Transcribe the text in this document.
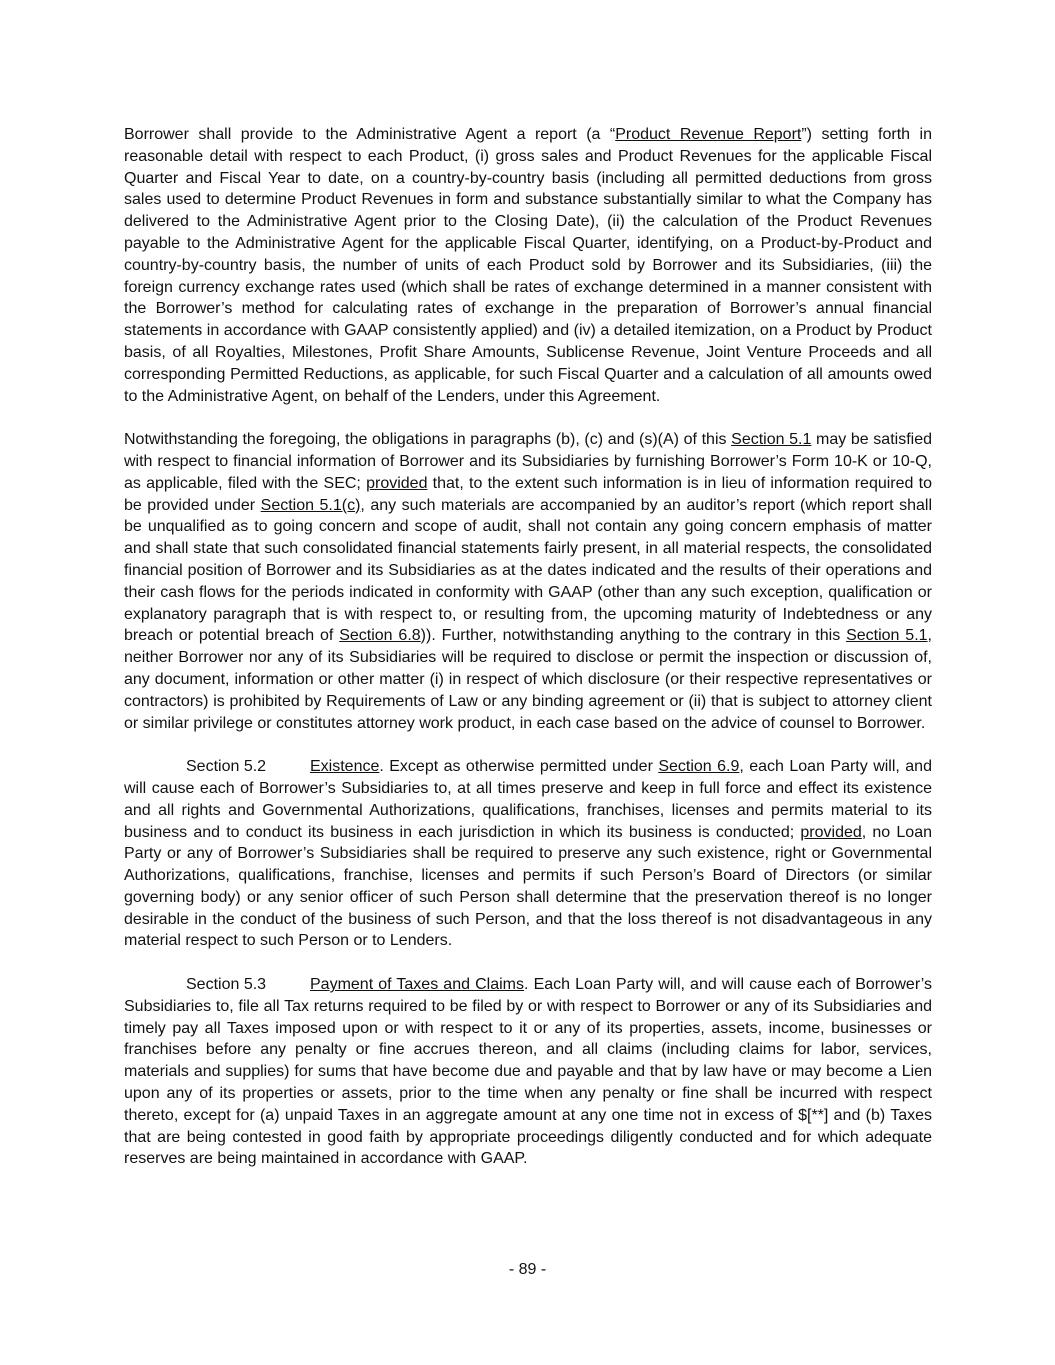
Borrower shall provide to the Administrative Agent a report (a “Product Revenue Report”) setting forth in reasonable detail with respect to each Product, (i) gross sales and Product Revenues for the applicable Fiscal Quarter and Fiscal Year to date, on a country-by-country basis (including all permitted deductions from gross sales used to determine Product Revenues in form and substance substantially similar to what the Company has delivered to the Administrative Agent prior to the Closing Date), (ii) the calculation of the Product Revenues payable to the Administrative Agent for the applicable Fiscal Quarter, identifying, on a Product-by-Product and country-by-country basis, the number of units of each Product sold by Borrower and its Subsidiaries, (iii) the foreign currency exchange rates used (which shall be rates of exchange determined in a manner consistent with the Borrower’s method for calculating rates of exchange in the preparation of Borrower’s annual financial statements in accordance with GAAP consistently applied) and (iv) a detailed itemization, on a Product by Product basis, of all Royalties, Milestones, Profit Share Amounts, Sublicense Revenue, Joint Venture Proceeds and all corresponding Permitted Reductions, as applicable, for such Fiscal Quarter and a calculation of all amounts owed to the Administrative Agent, on behalf of the Lenders, under this Agreement.

Notwithstanding the foregoing, the obligations in paragraphs (b), (c) and (s)(A) of this Section 5.1 may be satisfied with respect to financial information of Borrower and its Subsidiaries by furnishing Borrower’s Form 10-K or 10-Q, as applicable, filed with the SEC; provided that, to the extent such information is in lieu of information required to be provided under Section 5.1(c), any such materials are accompanied by an auditor’s report (which report shall be unqualified as to going concern and scope of audit, shall not contain any going concern emphasis of matter and shall state that such consolidated financial statements fairly present, in all material respects, the consolidated financial position of Borrower and its Subsidiaries as at the dates indicated and the results of their operations and their cash flows for the periods indicated in conformity with GAAP (other than any such exception, qualification or explanatory paragraph that is with respect to, or resulting from, the upcoming maturity of Indebtedness or any breach or potential breach of Section 6.8)). Further, notwithstanding anything to the contrary in this Section 5.1, neither Borrower nor any of its Subsidiaries will be required to disclose or permit the inspection or discussion of, any document, information or other matter (i) in respect of which disclosure (or their respective representatives or contractors) is prohibited by Requirements of Law or any binding agreement or (ii) that is subject to attorney client or similar privilege or constitutes attorney work product, in each case based on the advice of counsel to Borrower.

Section 5.2	Existence. Except as otherwise permitted under Section 6.9, each Loan Party will, and will cause each of Borrower’s Subsidiaries to, at all times preserve and keep in full force and effect its existence and all rights and Governmental Authorizations, qualifications, franchises, licenses and permits material to its business and to conduct its business in each jurisdiction in which its business is conducted; provided, no Loan Party or any of Borrower’s Subsidiaries shall be required to preserve any such existence, right or Governmental Authorizations, qualifications, franchise, licenses and permits if such Person’s Board of Directors (or similar governing body) or any senior officer of such Person shall determine that the preservation thereof is no longer desirable in the conduct of the business of such Person, and that the loss thereof is not disadvantageous in any material respect to such Person or to Lenders.

Section 5.3	Payment of Taxes and Claims. Each Loan Party will, and will cause each of Borrower’s Subsidiaries to, file all Tax returns required to be filed by or with respect to Borrower or any of its Subsidiaries and timely pay all Taxes imposed upon or with respect to it or any of its properties, assets, income, businesses or franchises before any penalty or fine accrues thereon, and all claims (including claims for labor, services, materials and supplies) for sums that have become due and payable and that by law have or may become a Lien upon any of its properties or assets, prior to the time when any penalty or fine shall be incurred with respect thereto, except for (a) unpaid Taxes in an aggregate amount at any one time not in excess of $[**] and (b) Taxes that are being contested in good faith by appropriate proceedings diligently conducted and for which adequate reserves are being maintained in accordance with GAAP.

- 89 -
